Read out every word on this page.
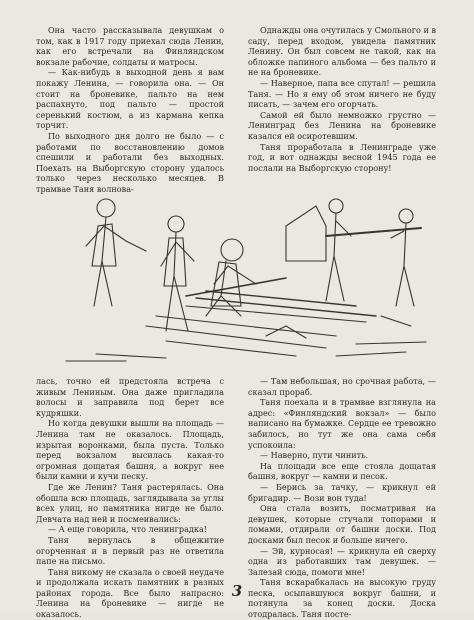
Она часто рассказывала девушкам о том, как в 1917 году приехал сюда Ленин, как его встречали на Финляндском вокзале рабочие, солдаты и матросы.

— Как-нибудь в выходной день я вам покажу Ленина, — говорила она. — Он стоит на броневике, пальто на нем распахнуто, под пальто — простой серенький костюм, а из кармана кепка торчит.

По выходного дня долго не было — с работами по восстановлению домов спешили и работали без выходных. Поехать на Выборгскую сторону удалось только через несколько месяцев. В трамвае Таня волнова-

Однажды она очутилась у Смольного и в саду, перед входом, увидела памятник Ленину. Он был совсем не такой, как на обложке папиного альбома — без пальто и не на броневике.

— Наверное, папа все спутал! — решила Таня. — Но я ему об этом ничего не буду писать, — зачем его огорчать.

Самой ей было немножко грустно — Ленинград без Ленина на броневике казался ей осиротевшим.

Таня проработала в Ленинграде уже год, и вот однажды весной 1945 года ее послали на Выборгскую сторону!

лась, точно ей предстояла встреча с живым Лениным. Она даже пригладила волосы и заправила под берет все кудряшки.

Но когда девушки вышли на площадь — Ленина там не оказалось. Площадь, изрытая воронками, была пуста. Только перед вокзалом высилась какая-то огромная дощатая башня, а вокруг нее были камни и кучи песку.

Где же Ленин? Таня растерялась. Она обошла всю площадь, заглядывала за углы всех улиц, но памятника нигде не было. Девчата над ней и посмеивались:

— А еще говорила, что ленинградка!

Таня вернулась в общежитие огорченная и в первый раз не ответила папе на письмо.

Таня никому не сказала о своей неудаче и продолжала искать памятник в разных районах города. Все было напрасно: Ленина на броневике — нигде не оказалось.

— Там небольшая, но срочная работа, — сказал прораб.

Таня поехала и в трамвае взглянула на адрес: «Финляндский вокзал» — было написано на бумажке. Сердце ее тревожно забилось, но тут же она сама себя успокоила:

— Наверно, пути чинить.

На площади все еще стояла дощатая башня, вокруг — камни и песок.

— Берись за тачку, — крикнул ей бригадир. — Вози вон туда!

Она стала возить, посматривая на девушек, которые стучали топорами и ломами, отдирали от башни доски. Под досками был песок и больше ничего.

— Эй, курносая! — крикнула ей сверху одна из работавших там девушек. — Залезай сюда, помоги мне!

Таня вскарабкалась на высокую груду песка, осыпавшуюся вокруг башни, и потянула за конец доски. Доска отодралась. Таня посте-

3
